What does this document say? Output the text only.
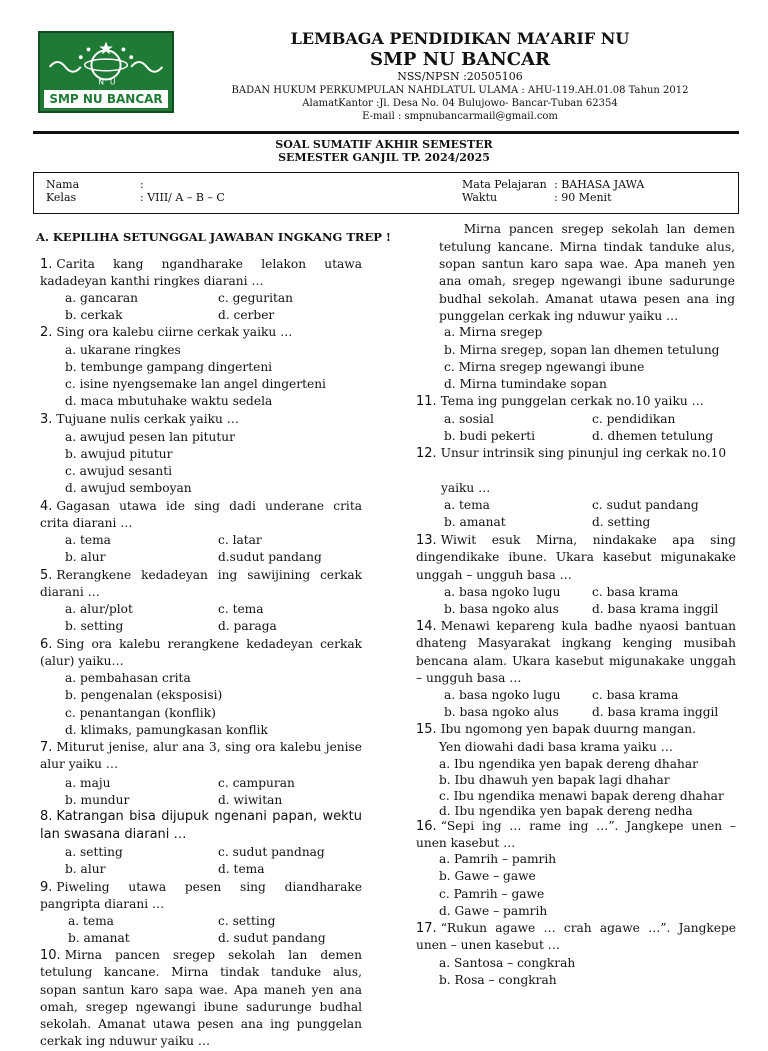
N U
SMP NU BANCAR
LEMBAGA PENDIDIKAN MA’ARIF NU
SMP NU BANCAR
NSS/NPSN :20505106
BADAN HUKUM PERKUMPULAN NAHDLATUL ULAMA : AHU-119.AH.01.08 Tahun 2012
AlamatKantor :Jl. Desa No. 04 Bulujowo- Bancar-Tuban 62354
E-mail : smpnubancarmail@gmail.com
SOAL SUMATIF AKHIR SEMESTER
SEMESTER GANJIL TP. 2024/2025
Nama	:
Kelas	: VIII/ A – B – C
Mata Pelajaran : BAHASA JAWA
Waktu	: 90 Menit
A. KEPILIHA SETUNGGAL JAWABAN INGKANG TREP !
1. Carita kang ngandharake lelakon utawa kadadeyan kanthi ringkes diarani …
a. gancaran	c. geguritan
b. cerkak	d. cerber
2. Sing ora kalebu ciirne cerkak yaiku …
a. ukarane ringkes
b. tembunge gampang dingerteni
c. isine nyengsemake lan angel dingerteni
d. maca mbutuhake waktu sedela
3. Tujuane nulis cerkak yaiku …
a. awujud pesen lan pitutur
b. awujud pitutur
c. awujud sesanti
d. awujud semboyan
4. Gagasan utawa ide sing dadi underane crita crita diarani …
a. tema	c. latar
b. alur	d.sudut pandang
5. Rerangkene kedadeyan ing sawijining cerkak diarani …
a. alur/plot	c. tema
b. setting	d. paraga
6. Sing ora kalebu rerangkene kedadeyan cerkak (alur) yaiku…
a. pembahasan crita
b. pengenalan (eksposisi)
c. penantangan (konflik)
d. klimaks, pamungkasan konflik
7. Miturut jenise, alur ana 3, sing ora kalebu jenise alur yaiku …
a. maju	c. campuran
b. mundur	d. wiwitan
8. Katrangan bisa dijupuk ngenani papan, wektu lan swasana diarani …
a. setting	c. sudut pandnag
b. alur	d. tema
9. Piweling utawa pesen sing diandharake pangripta diarani …
a. tema	c. setting
b. amanat	d. sudut pandang
10. Mirna pancen sregep sekolah lan demen tetulung kancane. Mirna tindak tanduke alus, sopan santun karo sapa wae. Apa maneh yen ana omah, sregep ngewangi ibune sadurunge budhal sekolah. Amanat utawa pesen ana ing punggelan cerkak ing nduwur yaiku …
Mirna pancen sregep sekolah lan demen tetulung kancane. Mirna tindak tanduke alus, sopan santun karo sapa wae. Apa maneh yen ana omah, sregep ngewangi ibune sadurunge budhal sekolah. Amanat utawa pesen ana ing punggelan cerkak ing nduwur yaiku …
a. Mirna sregep
b. Mirna sregep, sopan lan dhemen tetulung
c. Mirna sregep ngewangi ibune
d. Mirna tumindake sopan
11. Tema ing punggelan cerkak no.10 yaiku …
a. sosial	c. pendidikan
b. budi pekerti	d. dhemen tetulung
12. Unsur intrinsik sing pinunjul ing cerkak no.10
yaiku …
a. tema	c. sudut pandang
b. amanat	d. setting
13. Wiwit esuk Mirna, nindakake apa sing dingendikake ibune. Ukara kasebut migunakake unggah – ungguh basa …
a. basa ngoko lugu	c. basa krama
b. basa ngoko alus	d. basa krama inggil
14. Menawi kepareng kula badhe nyaosi bantuan dhateng Masyarakat ingkang kenging musibah bencana alam. Ukara kasebut migunakake unggah – ungguh basa …
a. basa ngoko lugu	c. basa krama
b. basa ngoko alus	d. basa krama inggil
15. Ibu ngomong yen bapak duurng mangan.
Yen diowahi dadi basa krama yaiku …
a. Ibu ngendika yen bapak dereng dhahar
b. Ibu dhawuh yen bapak lagi dhahar
c. Ibu ngendika menawi bapak dereng dhahar
d. Ibu ngendika yen bapak dereng nedha
16. “Sepi ing … rame ing …”. Jangkepe unen – unen kasebut …
a. Pamrih – pamrih
b. Gawe – gawe
c. Pamrih – gawe
d. Gawe – pamrih
17. “Rukun agawe … crah agawe …”. Jangkepe unen – unen kasebut …
a. Santosa – congkrah
b. Rosa – congkrah
